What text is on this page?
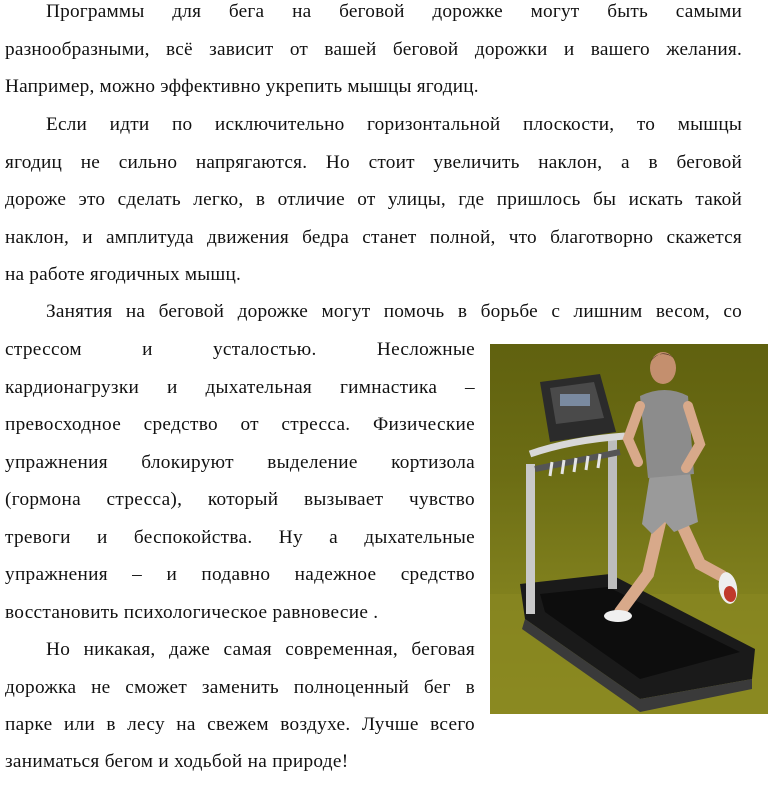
Программы для бега на беговой дорожке могут быть самыми
разнообразными, всё зависит от вашей беговой дорожки и вашего желания.
Например, можно эффективно укрепить мышцы ягодиц.
Если идти по исключительно горизонтальной плоскости, то мышцы
ягодиц не сильно напрягаются. Но стоит увеличить наклон, а в беговой
дороже это сделать легко, в отличие от улицы, где пришлось бы искать такой
наклон, и амплитуда движения бедра станет полной, что благотворно скажется
на работе ягодичных мышц.
Занятия на беговой дорожке могут помочь в борьбе с лишним весом, со
стрессом и усталостью. Несложные
кардионагрузки и дыхательная гимнастика –
превосходное средство от стресса. Физические
упражнения блокируют выделение кортизола
(гормона стресса), который вызывает чувство
тревоги и беспокойства. Ну а дыхательные
упражнения – и подавно надежное средство
восстановить психологическое равновесие .
Но никакая, даже самая современная, беговая
дорожка не сможет заменить полноценный бег в
парке или в лесу на свежем воздухе. Лучше всего
заниматься бегом и ходьбой на природе!
